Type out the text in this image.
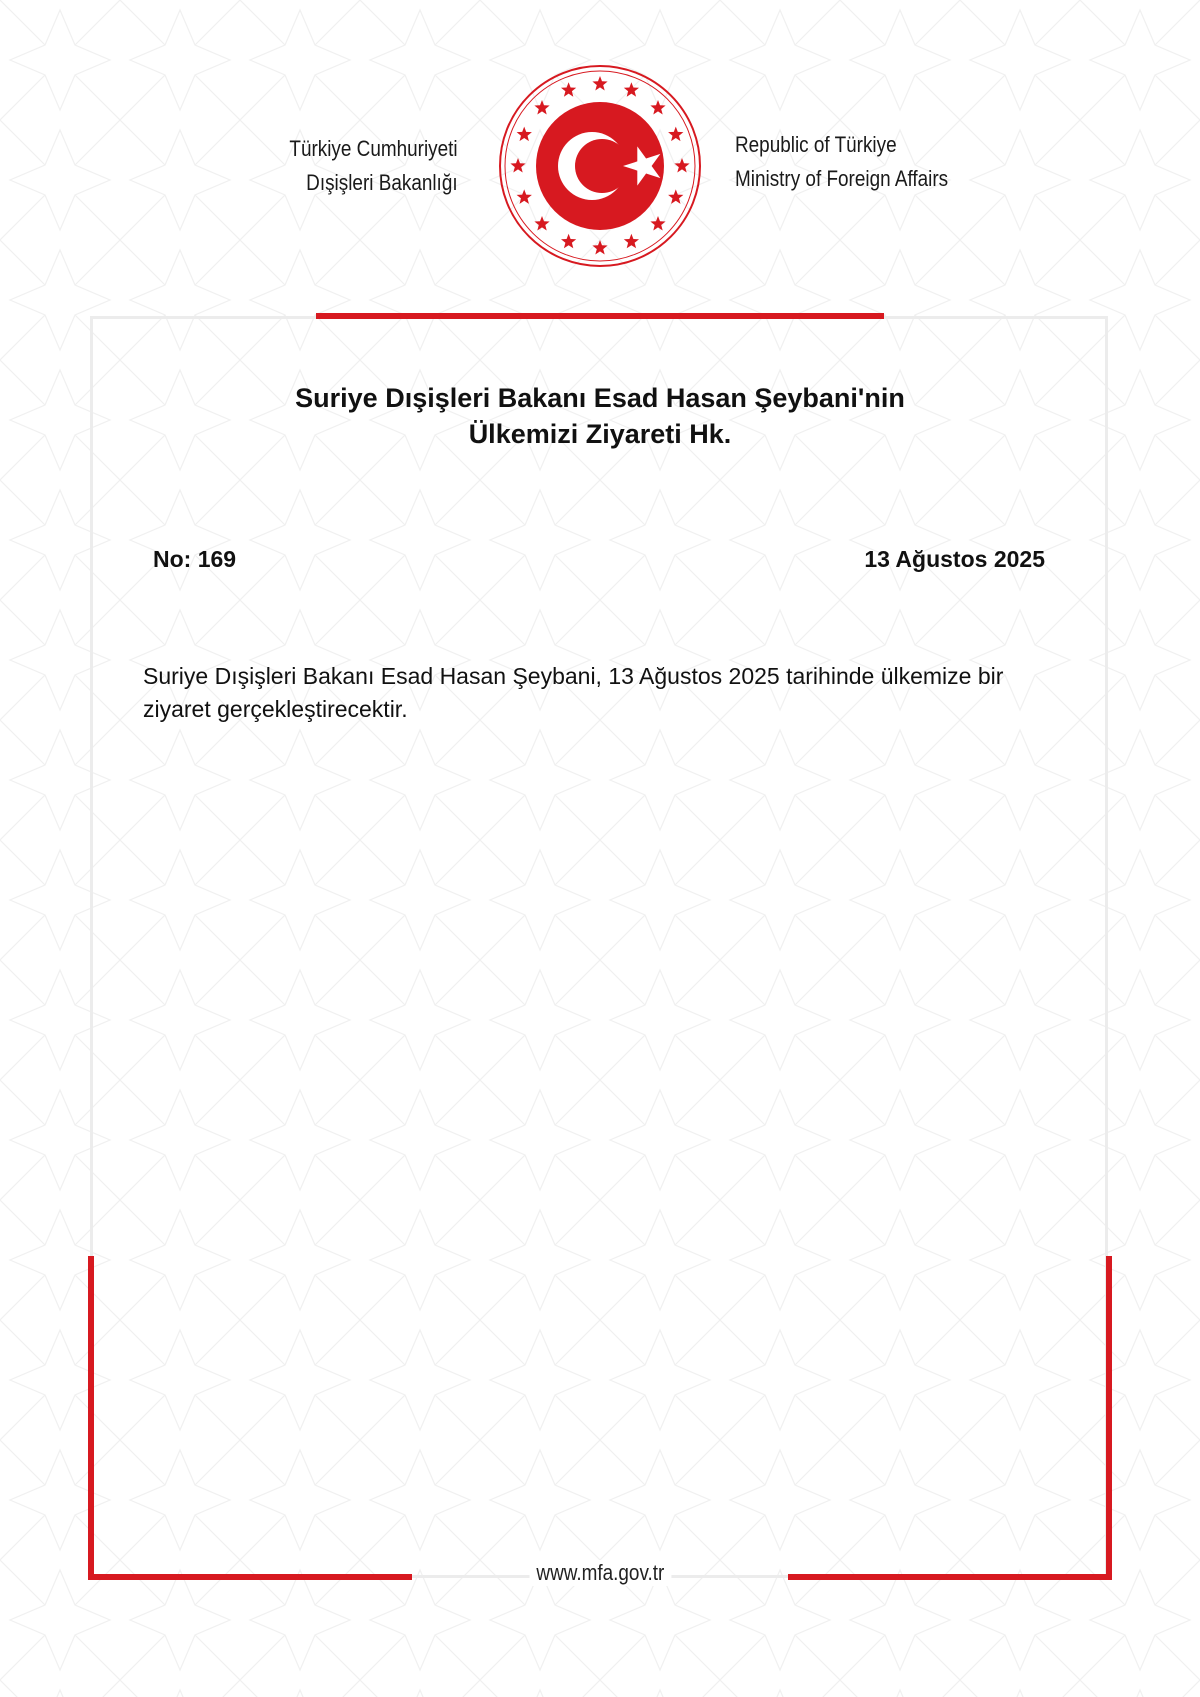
Türkiye Cumhuriyeti
Dışişleri Bakanlığı
Republic of Türkiye
Ministry of Foreign Affairs
Suriye Dışişleri Bakanı Esad Hasan Şeybani'nin
Ülkemizi Ziyareti Hk.
No: 169	13 Ağustos 2025
Suriye Dışişleri Bakanı Esad Hasan Şeybani, 13 Ağustos 2025 tarihinde ülkemize bir ziyaret gerçekleştirecektir.
www.mfa.gov.tr
